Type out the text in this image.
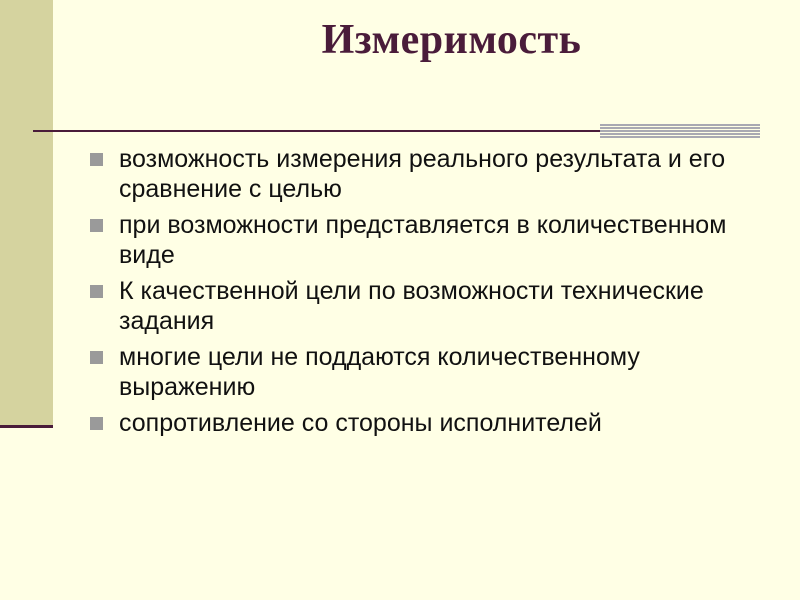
Измеримость
возможность измерения реального результата и его сравнение с целью
при возможности представляется в количественном виде
К качественной цели по возможности технические задания
многие цели не поддаются количественному выражению
сопротивление со стороны исполнителей
